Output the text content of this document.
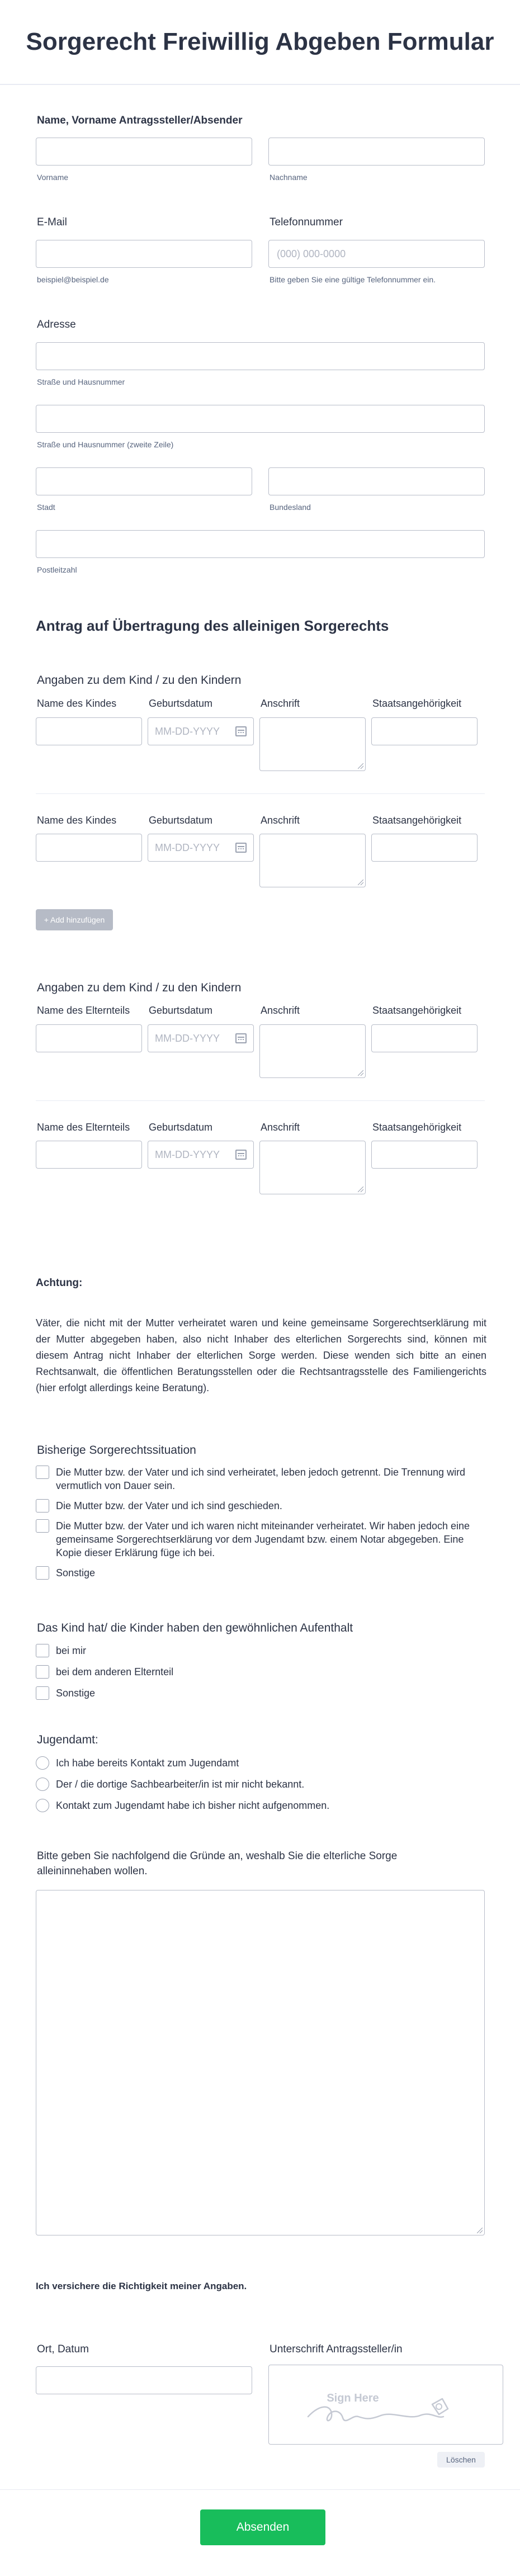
Sorgerecht Freiwillig Abgeben Formular
Name, Vorname Antragssteller/Absender
Vorname	Nachname
E-Mail
beispiel@beispiel.de
Telefonnummer
(000) 000-0000
Bitte geben Sie eine gültige Telefonnummer ein.
Adresse
Straße und Hausnummer
Straße und Hausnummer (zweite Zeile)
Stadt	Bundesland
Postleitzahl
Antrag auf Übertragung des alleinigen Sorgerechts
Angaben zu dem Kind / zu den Kindern
Name des Kindes	Geburtsdatum	Anschrift	Staatsangehörigkeit
MM-DD-YYYY
Name des Kindes	Geburtsdatum	Anschrift	Staatsangehörigkeit
MM-DD-YYYY
+ Add hinzufügen
Angaben zu dem Kind / zu den Kindern
Name des Elternteils Geburtsdatum	Anschrift	Staatsangehörigkeit
MM-DD-YYYY
Name des Elternteils Geburtsdatum	Anschrift	Staatsangehörigkeit
MM-DD-YYYY
Achtung:
Väter, die nicht mit der Mutter verheiratet waren und keine gemeinsame Sorgerechtserklärung mit der Mutter abgegeben haben, also nicht Inhaber des elterlichen Sorgerechts sind, können mit diesem Antrag nicht Inhaber der elterlichen Sorge werden. Diese wenden sich bitte an einen Rechtsanwalt, die öffentlichen Beratungsstellen oder die Rechtsantragsstelle des Familiengerichts (hier erfolgt allerdings keine Beratung).
Bisherige Sorgerechtssituation
Die Mutter bzw. der Vater und ich sind verheiratet, leben jedoch getrennt. Die Trennung wird vermutlich von Dauer sein.
Die Mutter bzw. der Vater und ich sind geschieden.
Die Mutter bzw. der Vater und ich waren nicht miteinander verheiratet. Wir haben jedoch eine gemeinsame Sorgerechtserklärung vor dem Jugendamt bzw. einem Notar abgegeben. Eine Kopie dieser Erklärung füge ich bei.
Sonstige
Das Kind hat/ die Kinder haben den gewöhnlichen Aufenthalt
bei mir
bei dem anderen Elternteil
Sonstige
Jugendamt:
Ich habe bereits Kontakt zum Jugendamt
Der / die dortige Sachbearbeiter/in ist mir nicht bekannt.
Kontakt zum Jugendamt habe ich bisher nicht aufgenommen.
Bitte geben Sie nachfolgend die Gründe an, weshalb Sie die elterliche Sorge alleininnehaben wollen.
Ich versichere die Richtigkeit meiner Angaben.
Ort, Datum	Unterschrift Antragssteller/in
Sign Here
Löschen
Absenden
